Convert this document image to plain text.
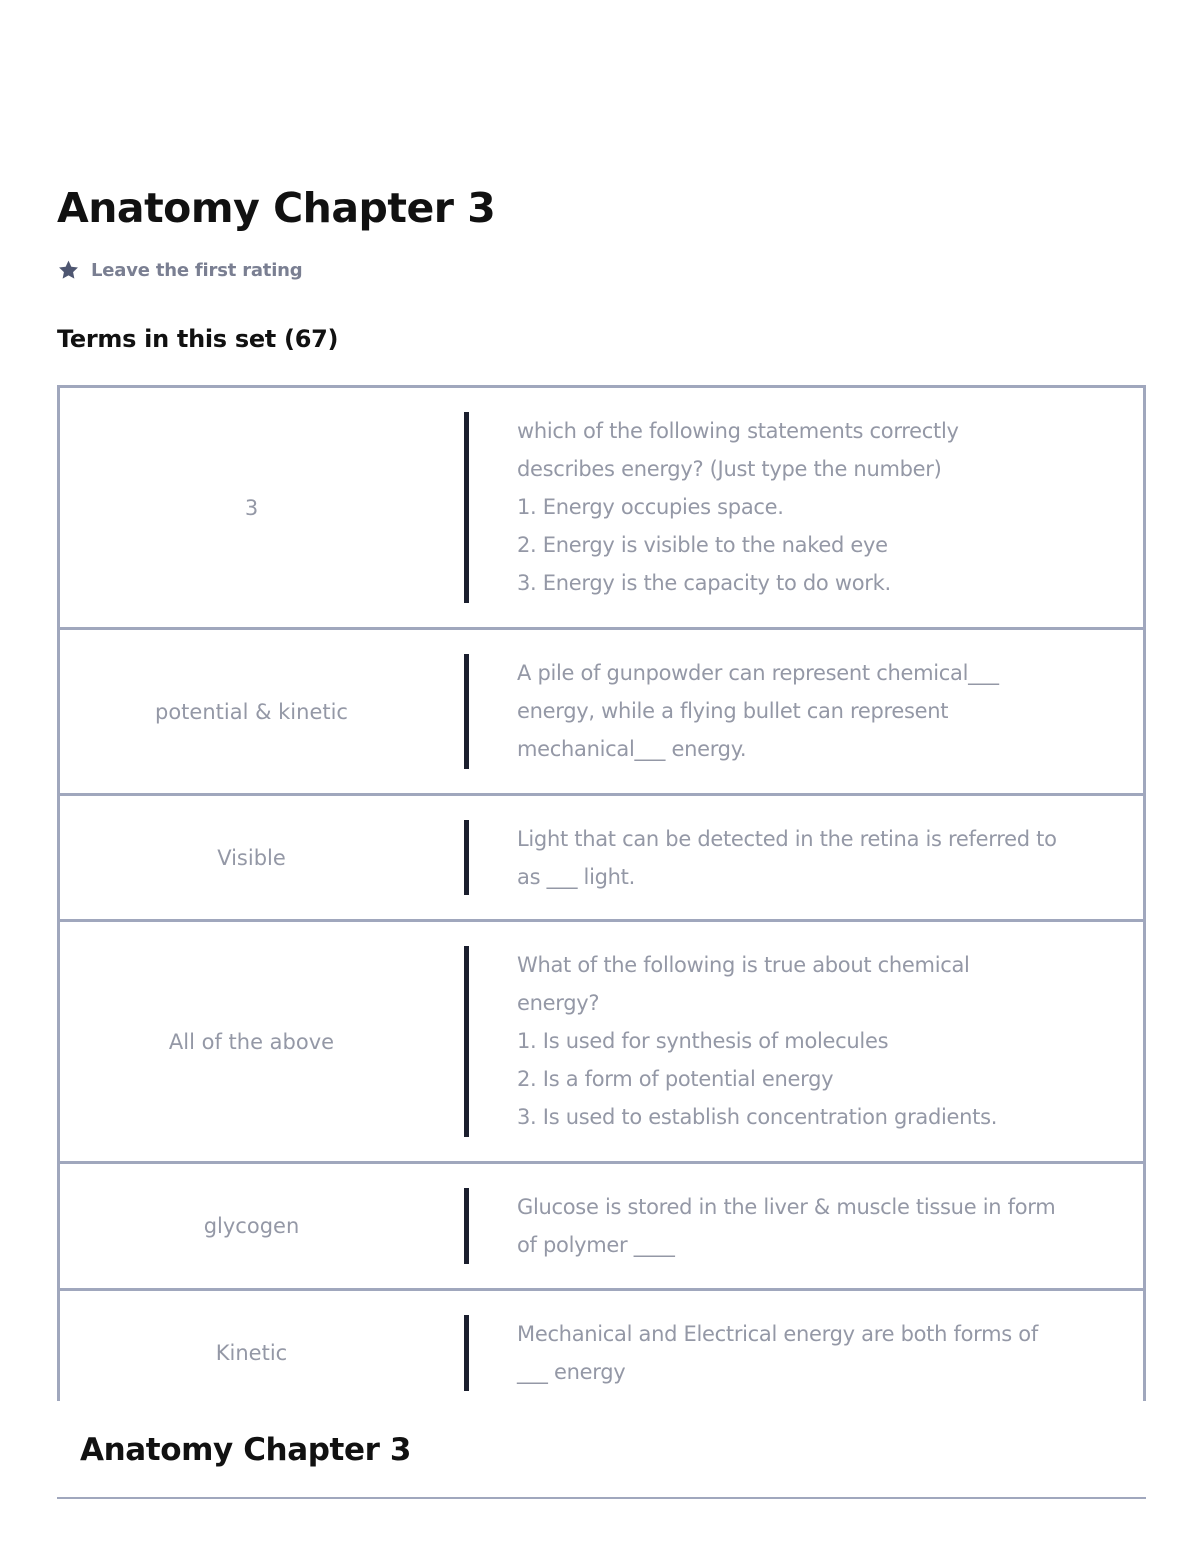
Anatomy Chapter 3
Leave the first rating
Terms in this set (67)
3
which of the following statements correctly
describes energy? (Just type the number)
1. Energy occupies space.
2. Energy is visible to the naked eye
3. Energy is the capacity to do work.
potential & kinetic
A pile of gunpowder can represent chemical___
energy, while a flying bullet can represent
mechanical___ energy.
Visible
Light that can be detected in the retina is referred to
as ___ light.
All of the above
What of the following is true about chemical
energy?
1. Is used for synthesis of molecules
2. Is a form of potential energy
3. Is used to establish concentration gradients.
glycogen
Glucose is stored in the liver & muscle tissue in form
of polymer ____
Kinetic
Mechanical and Electrical energy are both forms of
___ energy
Anatomy Chapter 3
